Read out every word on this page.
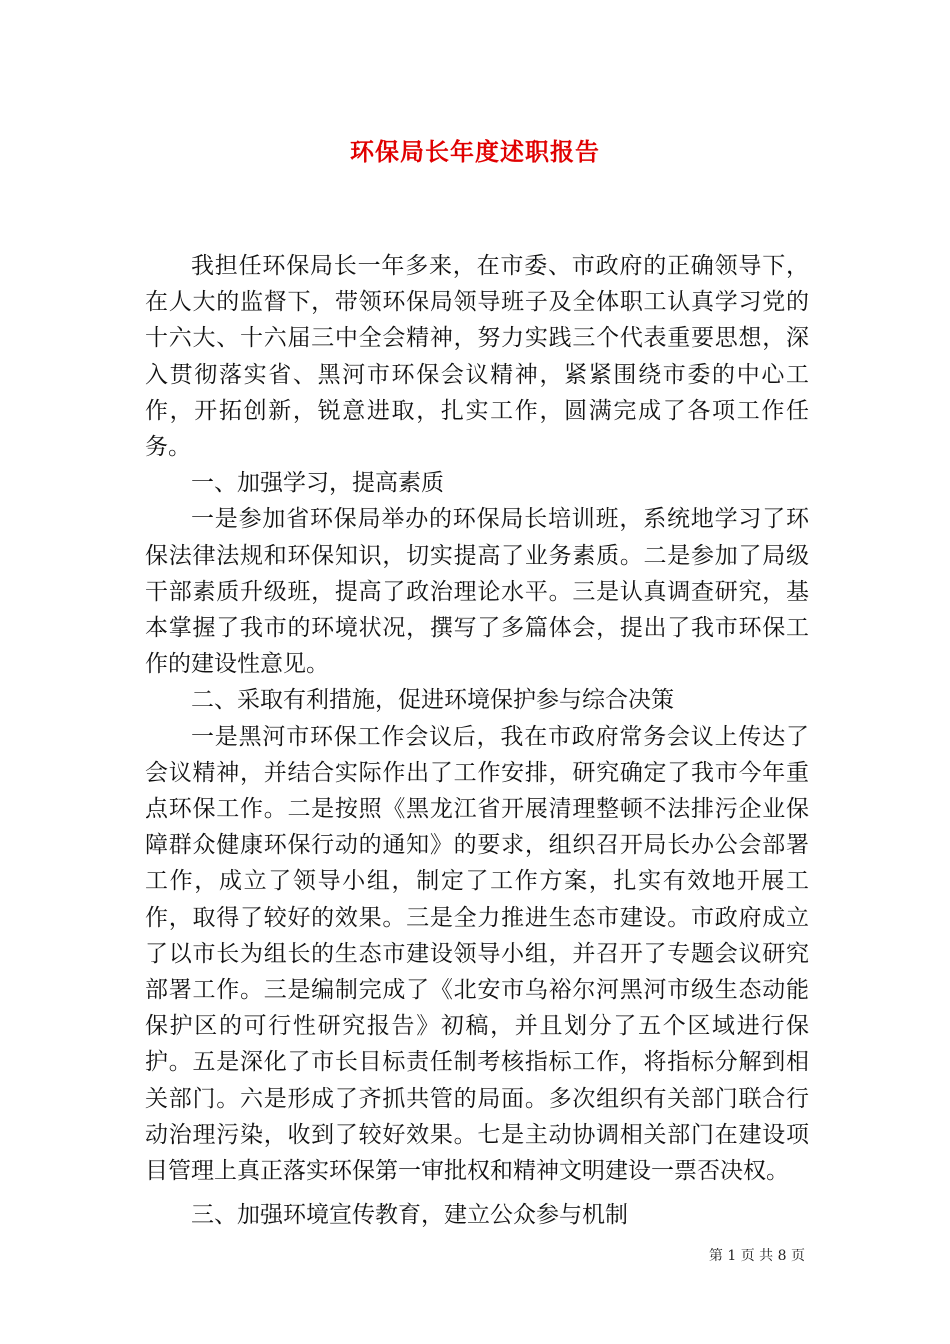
环保局长年度述职报告

我担任环保局长一年多来，在市委、市政府的正确领导下，在人大的监督下，带领环保局领导班子及全体职工认真学习党的十六大、十六届三中全会精神，努力实践三个代表重要思想，深入贯彻落实省、黑河市环保会议精神，紧紧围绕市委的中心工作，开拓创新，锐意进取，扎实工作，圆满完成了各项工作任务。

一、加强学习，提高素质

一是参加省环保局举办的环保局长培训班，系统地学习了环保法律法规和环保知识，切实提高了业务素质。二是参加了局级干部素质升级班，提高了政治理论水平。三是认真调查研究，基本掌握了我市的环境状况，撰写了多篇体会，提出了我市环保工作的建设性意见。

二、采取有利措施，促进环境保护参与综合决策

一是黑河市环保工作会议后，我在市政府常务会议上传达了会议精神，并结合实际作出了工作安排，研究确定了我市今年重点环保工作。二是按照《黑龙江省开展清理整顿不法排污企业保障群众健康环保行动的通知》的要求，组织召开局长办公会部署工作，成立了领导小组，制定了工作方案，扎实有效地开展工作，取得了较好的效果。三是全力推进生态市建设。市政府成立了以市长为组长的生态市建设领导小组，并召开了专题会议研究部署工作。三是编制完成了《北安市乌裕尔河黑河市级生态动能保护区的可行性研究报告》初稿，并且划分了五个区域进行保护。五是深化了市长目标责任制考核指标工作，将指标分解到相关部门。六是形成了齐抓共管的局面。多次组织有关部门联合行动治理污染，收到了较好效果。七是主动协调相关部门在建设项目管理上真正落实环保第一审批权和精神文明建设一票否决权。

三、加强环境宣传教育，建立公众参与机制

第 1 页 共 8 页
